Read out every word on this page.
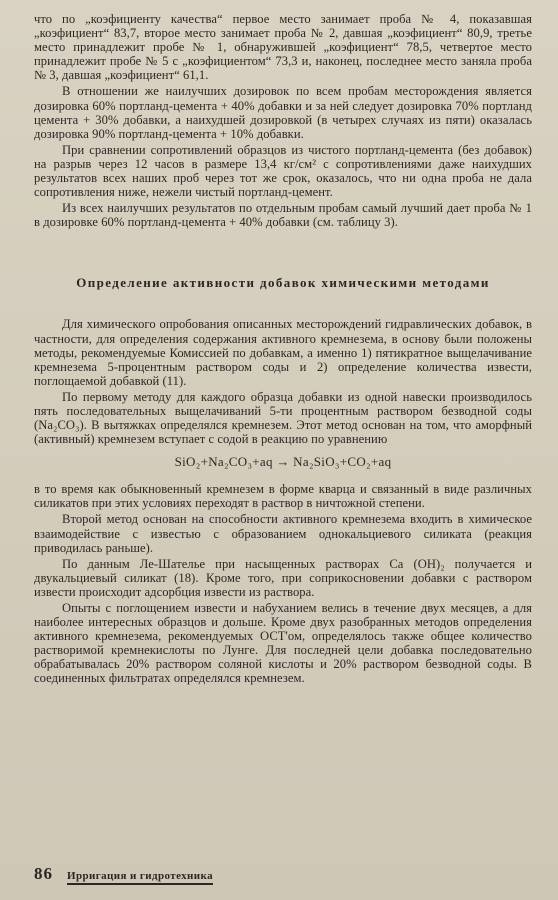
что по „коэфициенту качества“ первое место занимает проба № 4, показавшая „коэфициент“ 83,7, второе место занимает проба № 2, давшая „коэфициент“ 80,9, третье место принадлежит пробе № 1, обнаружившей „коэфициент“ 78,5, четвертое место принадлежит пробе № 5 с „коэфициентом“ 73,3 и, наконец, последнее место заняла проба № 3, давшая „коэфициент“ 61,1.

В отношении же наилучших дозировок по всем пробам месторождения является дозировка 60% портланд-цемента + 40% добавки и за ней следует дозировка 70% портланд цемента + 30% добавки, а наихудшей дозировкой (в четырех случаях из пяти) оказалась дозировка 90% портланд-цемента + 10% добавки.

При сравнении сопротивлений образцов из чистого портланд-цемента (без добавок) на разрыв через 12 часов в размере 13,4 кг/см² с сопротивлениями даже наихудших результатов всех наших проб через тот же срок, оказалось, что ни одна проба не дала сопротивления ниже, нежели чистый портланд-цемент.

Из всех наилучших результатов по отдельным пробам самый лучший дает проба № 1 в дозировке 60% портланд-цемента + 40% добавки (см. таблицу 3).

Определение активности добавок химическими методами

Для химического опробования описанных месторождений гидравлических добавок, в частности, для определения содержания активного кремнезема, в основу были положены методы, рекомендуемые Комиссией по добавкам, а именно 1) пятикратное выщелачивание кремнезема 5-процентным раствором соды и 2) определение количества извести, поглощаемой добавкой (11).

По первому методу для каждого образца добавки из одной навески производилось пять последовательных выщелачиваний 5-ти процентным раствором безводной соды (Na₂CO₃). В вытяжках определялся кремнезем. Этот метод основан на том, что аморфный (активный) кремнезем вступает с содой в реакцию по уравнению

SiO₂+Na₂CO₃+aq → Na₂SiO₃+CO₂+aq

в то время как обыкновенный кремнезем в форме кварца и связанный в виде различных силикатов при этих условиях переходят в раствор в ничтожной степени.

Второй метод основан на способности активного кремнезема входить в химическое взаимодействие с известью с образованием однокальциевого силиката (реакция приводилась раньше).

По данным Ле-Шателье при насыщенных растворах Ca (OH)₂ получается и двукальциевый силикат (18). Кроме того, при соприкосновении добавки с раствором извести происходит адсорбция извести из раствора.

Опыты с поглощением извести и набуханием велись в течение двух месяцев, а для наиболее интересных образцов и дольше. Кроме двух разобранных методов определения активного кремнезема, рекомендуемых ОСТ'ом, определялось также общее количество растворимой кремнекислоты по Лунге. Для последней цели добавка последовательно обрабатывалась 20% раствором соляной кислоты и 20% раствором безводной соды. В соединенных фильтратах определялся кремнезем.

86 Ирригация и гидротехника
